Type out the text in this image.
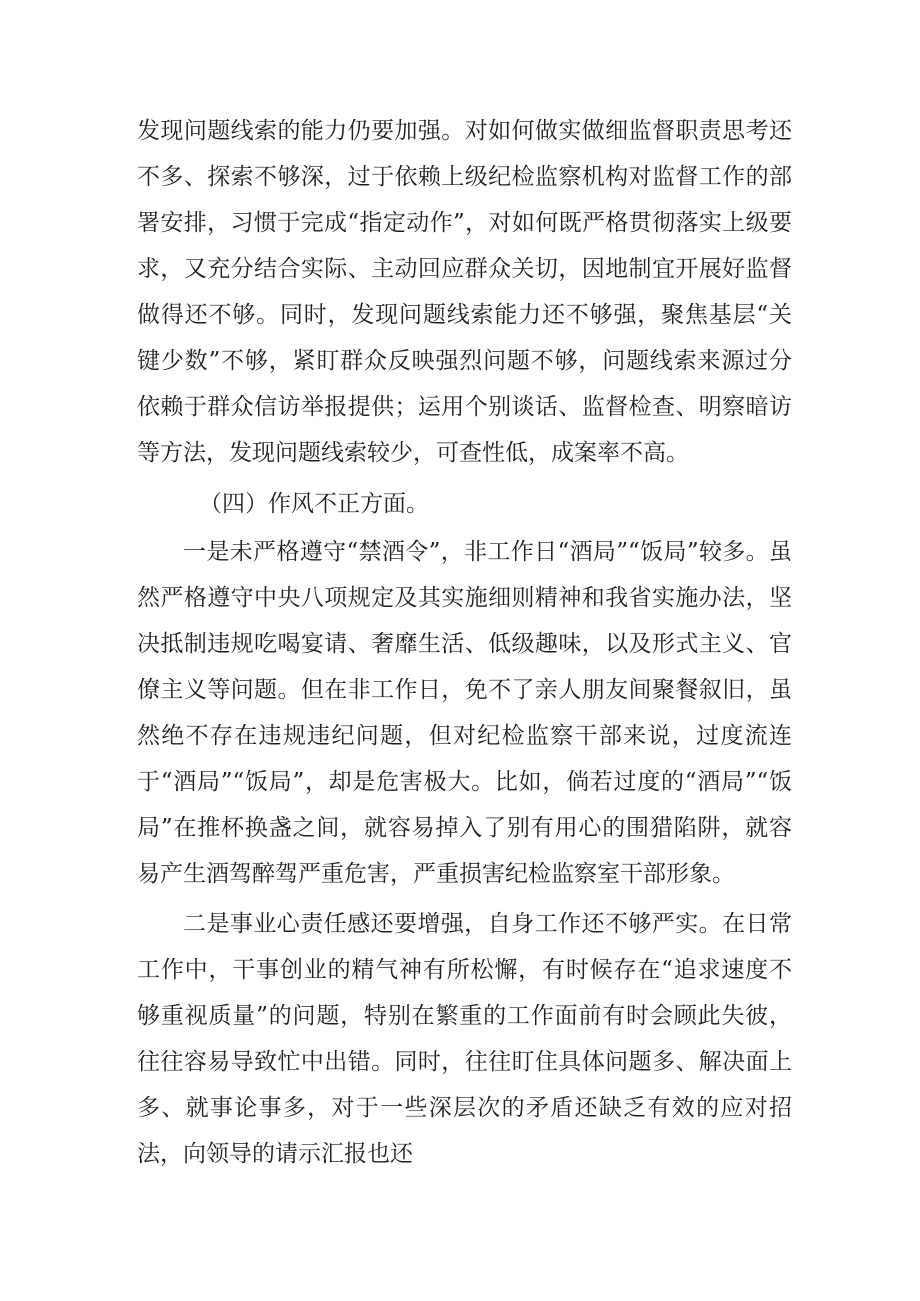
发现问题线索的能力仍要加强。对如何做实做细监督职责思考还不多、探索不够深，过于依赖上级纪检监察机构对监督工作的部署安排，习惯于完成“指定动作”，对如何既严格贯彻落实上级要求，又充分结合实际、主动回应群众关切，因地制宜开展好监督做得还不够。同时，发现问题线索能力还不够强，聚焦基层“关键少数”不够，紧盯群众反映强烈问题不够，问题线索来源过分依赖于群众信访举报提供；运用个别谈话、监督检查、明察暗访等方法，发现问题线索较少，可查性低，成案率不高。

（四）作风不正方面。

一是未严格遵守“禁酒令”，非工作日“酒局”“饭局”较多。虽然严格遵守中央八项规定及其实施细则精神和我省实施办法，坚决抵制违规吃喝宴请、奢靡生活、低级趣味，以及形式主义、官僚主义等问题。但在非工作日，免不了亲人朋友间聚餐叙旧，虽然绝不存在违规违纪问题，但对纪检监察干部来说，过度流连于“酒局”“饭局”，却是危害极大。比如，倘若过度的“酒局”“饭局”在推杯换盏之间，就容易掉入了别有用心的围猎陷阱，就容易产生酒驾醉驾严重危害，严重损害纪检监察室干部形象。

二是事业心责任感还要增强，自身工作还不够严实。在日常工作中，干事创业的精气神有所松懈，有时候存在“追求速度不够重视质量”的问题，特别在繁重的工作面前有时会顾此失彼，往往容易导致忙中出错。同时，往往盯住具体问题多、解决面上多、就事论事多，对于一些深层次的矛盾还缺乏有效的应对招法，向领导的请示汇报也还
